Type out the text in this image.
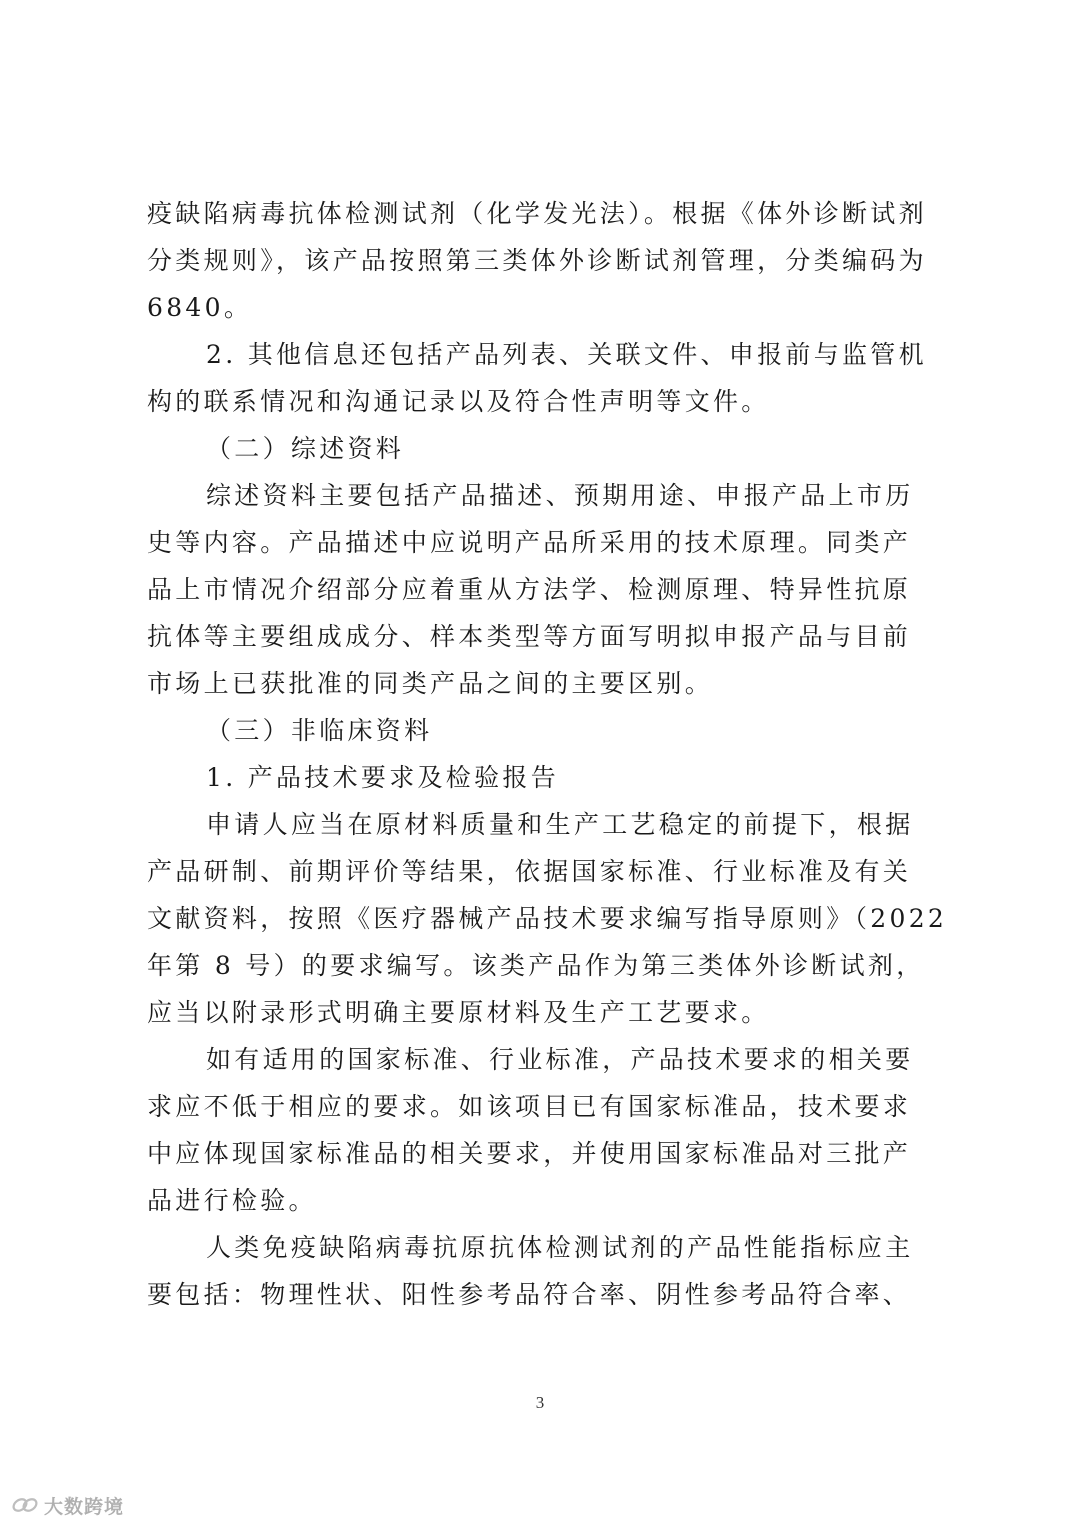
疫缺陷病毒抗体检测试剂（化学发光法）。根据《体外诊断试剂
分类规则》，该产品按照第三类体外诊断试剂管理，分类编码为
6840。
2. 其他信息还包括产品列表、关联文件、申报前与监管机
构的联系情况和沟通记录以及符合性声明等文件。
（二）综述资料
综述资料主要包括产品描述、预期用途、申报产品上市历
史等内容。产品描述中应说明产品所采用的技术原理。同类产
品上市情况介绍部分应着重从方法学、检测原理、特异性抗原
抗体等主要组成成分、样本类型等方面写明拟申报产品与目前
市场上已获批准的同类产品之间的主要区别。
（三）非临床资料
1. 产品技术要求及检验报告
申请人应当在原材料质量和生产工艺稳定的前提下，根据
产品研制、前期评价等结果，依据国家标准、行业标准及有关
文献资料，按照《医疗器械产品技术要求编写指导原则》（2022
年第 8 号）的要求编写。该类产品作为第三类体外诊断试剂，
应当以附录形式明确主要原材料及生产工艺要求。
如有适用的国家标准、行业标准，产品技术要求的相关要
求应不低于相应的要求。如该项目已有国家标准品，技术要求
中应体现国家标准品的相关要求，并使用国家标准品对三批产
品进行检验。
人类免疫缺陷病毒抗原抗体检测试剂的产品性能指标应主
要包括：物理性状、阳性参考品符合率、阴性参考品符合率、
3
大数跨境
